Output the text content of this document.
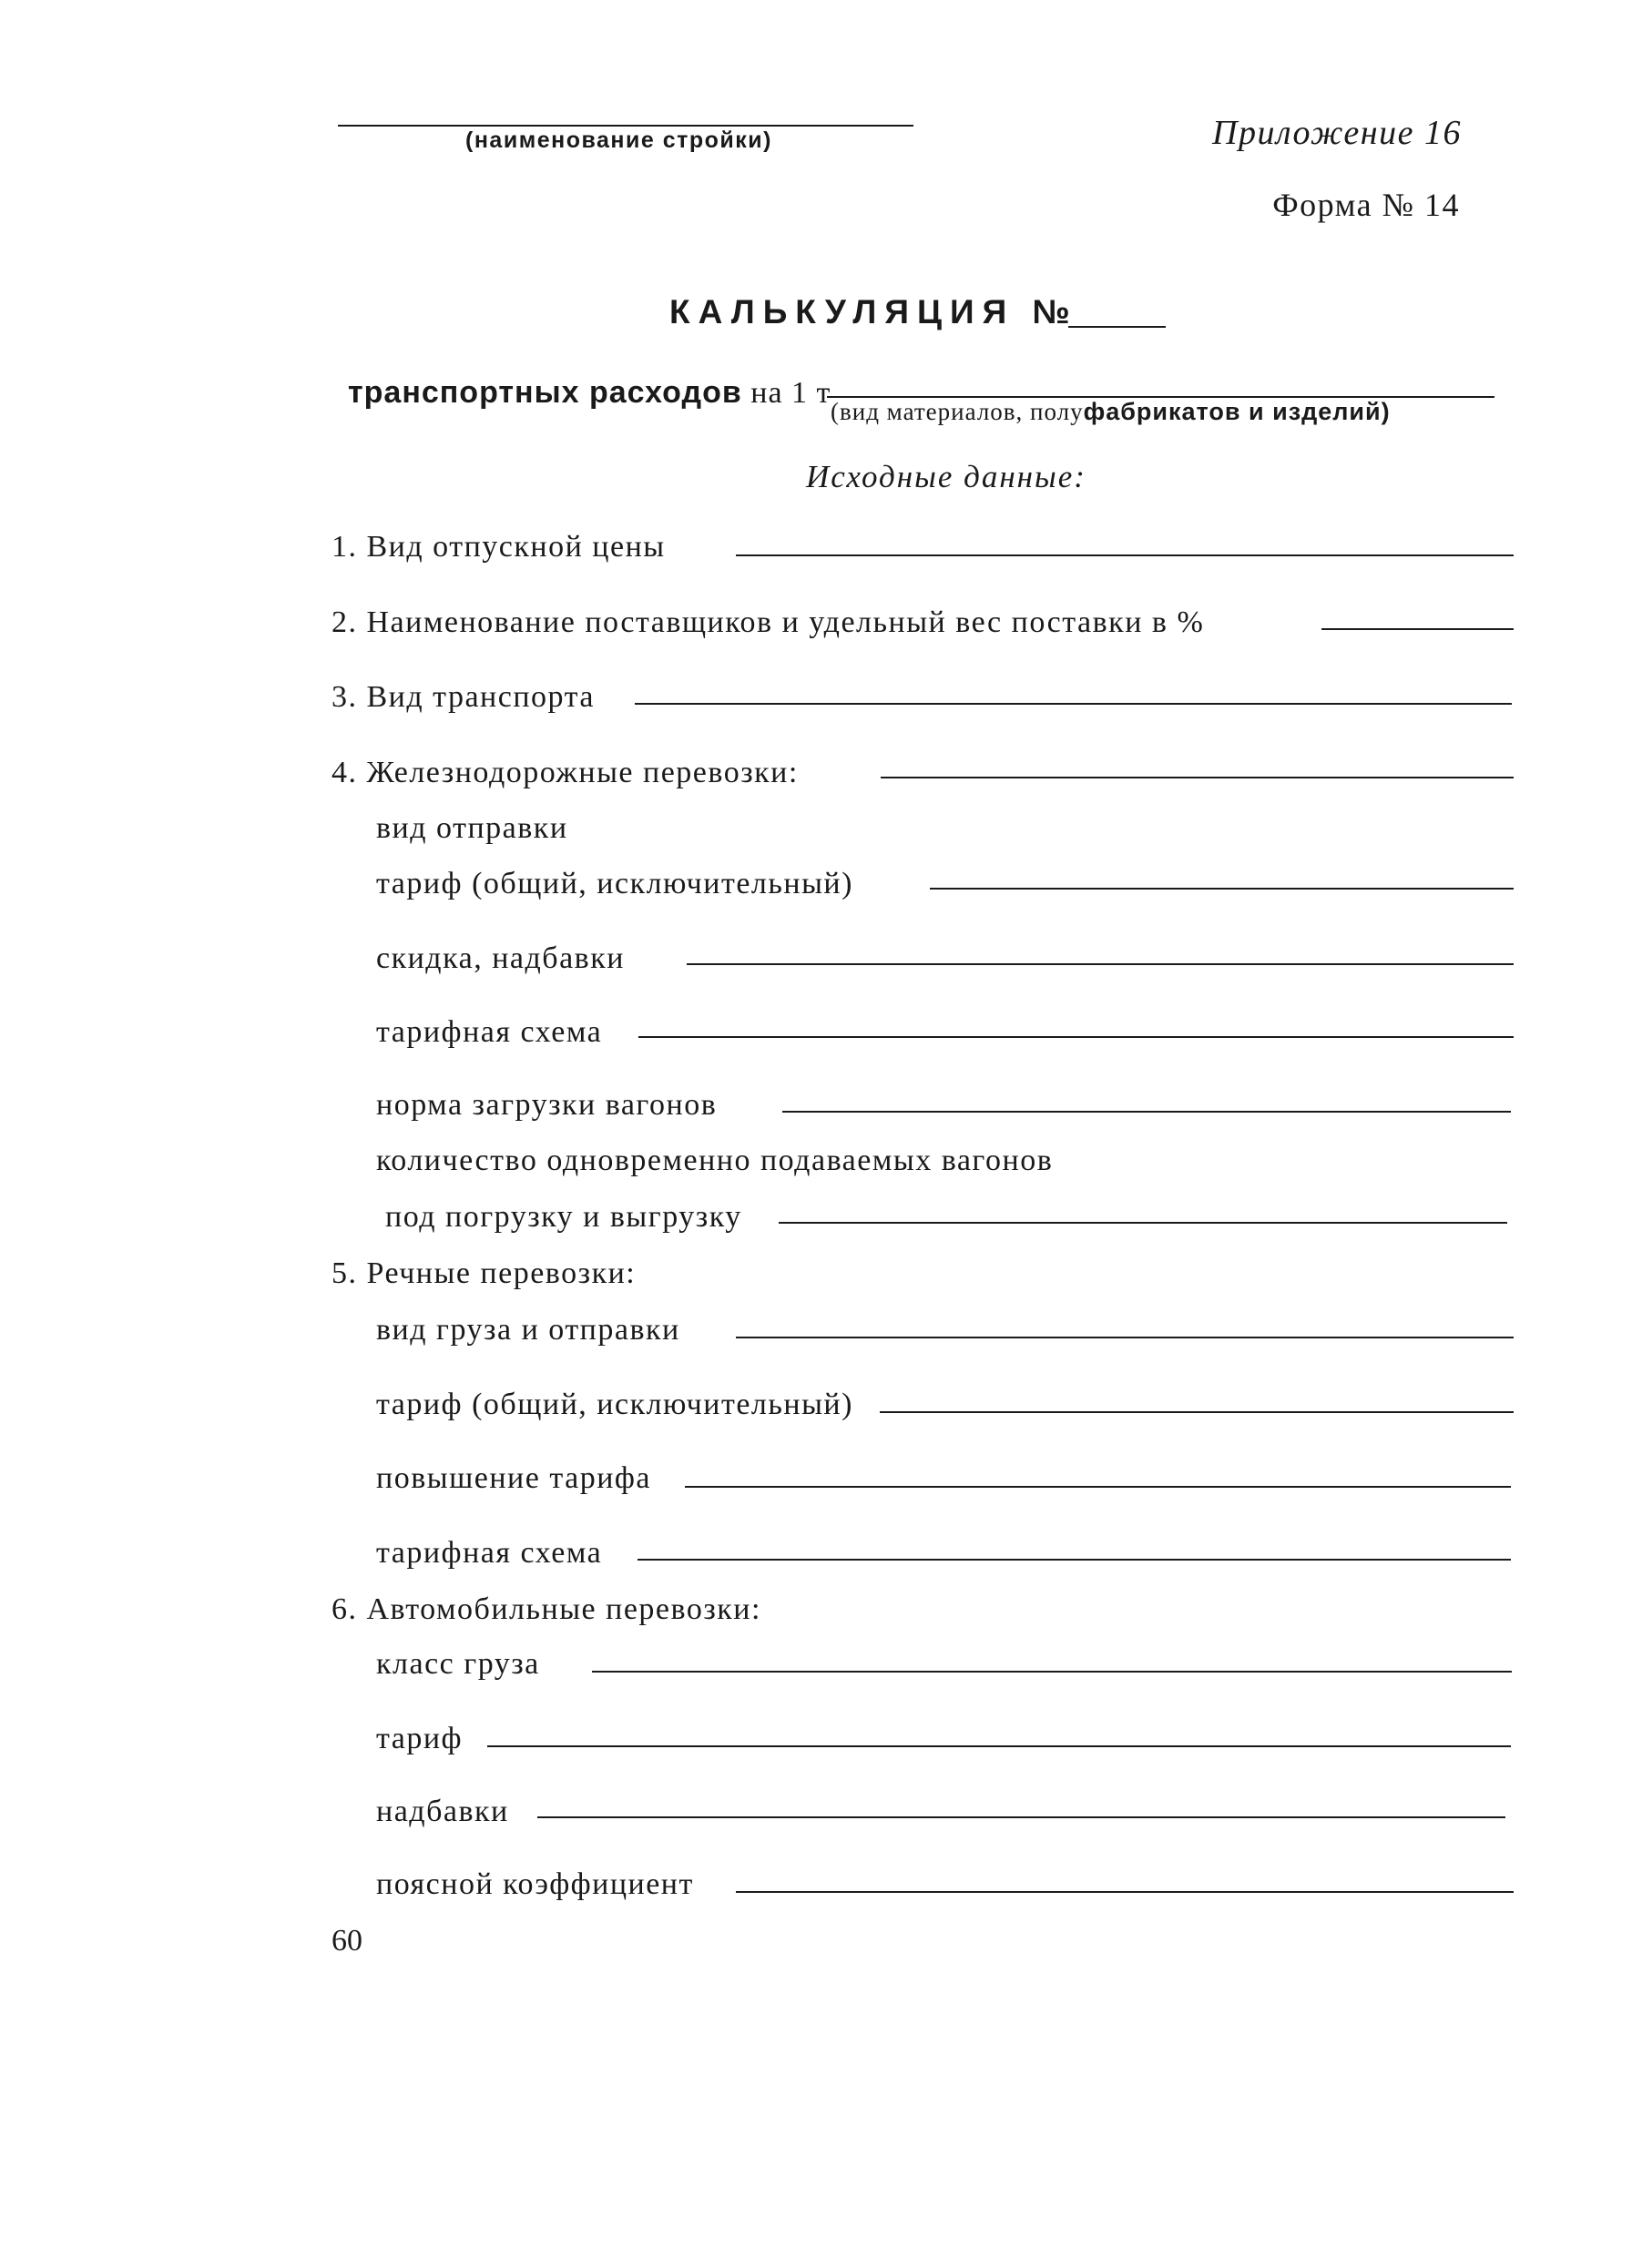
(наименование стройки)	Приложение 16
Форма № 14
КАЛЬКУЛЯЦИЯ №
транспортных расходов на 1 т
(вид материалов, полуфабрикатов и изделий)
Исходные данные:
1. Вид отпускной цены
2. Наименование поставщиков и удельный вес поставки в %
3. Вид транспорта
4. Железнодорожные перевозки:
вид отправки
тариф (общий, исключительный)
скидка, надбавки
тарифная схема
норма загрузки вагонов
количество одновременно подаваемых вагонов
под погрузку и выгрузку
5. Речные перевозки:
вид груза и отправки
тариф (общий, исключительный)
повышение тарифа
тарифная схема
6. Автомобильные перевозки:
класс груза
тариф
надбавки
поясной коэффициент
60
